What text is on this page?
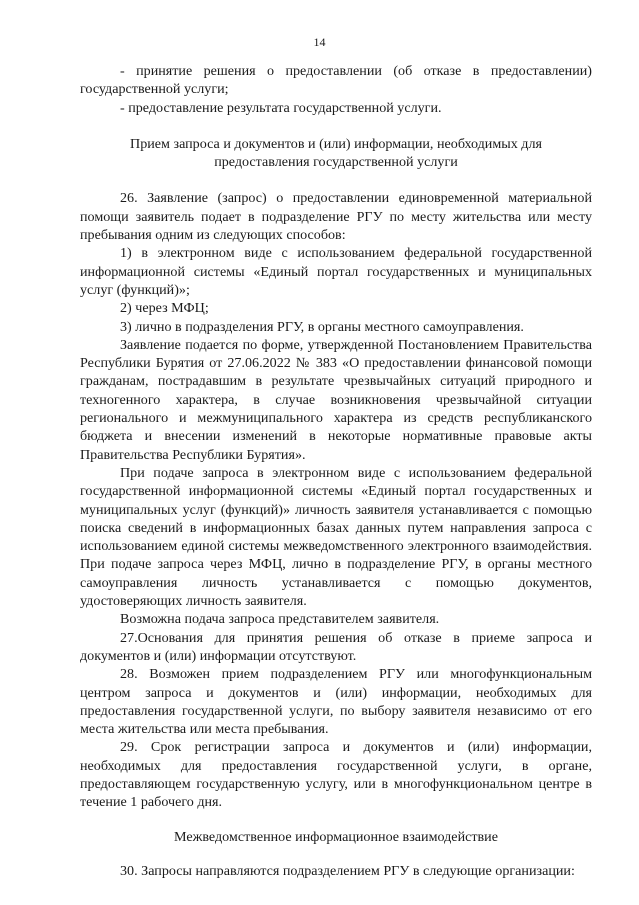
14

- принятие решения о предоставлении (об отказе в предоставлении) государственной услуги;

- предоставление результата государственной услуги.

Прием запроса и документов и (или) информации, необходимых для предоставления государственной услуги

26. Заявление (запрос) о предоставлении единовременной материальной помощи заявитель подает в подразделение РГУ по месту жительства или месту пребывания одним из следующих способов:

1) в электронном виде с использованием федеральной государственной информационной системы «Единый портал государственных и муниципальных услуг (функций)»;

2) через МФЦ;

3) лично в подразделения РГУ, в органы местного самоуправления.

Заявление подается по форме, утвержденной Постановлением Правительства Республики Бурятия от 27.06.2022 № 383 «О предоставлении финансовой помощи гражданам, пострадавшим в результате чрезвычайных ситуаций природного и техногенного характера, в случае возникновения чрезвычайной ситуации регионального и межмуниципального характера из средств республиканского бюджета и внесении изменений в некоторые нормативные правовые акты Правительства Республики Бурятия».

При подаче запроса в электронном виде с использованием федеральной государственной информационной системы «Единый портал государственных и муниципальных услуг (функций)» личность заявителя устанавливается с помощью поиска сведений в информационных базах данных путем направления запроса с использованием единой системы межведомственного электронного взаимодействия. При подаче запроса через МФЦ, лично в подразделение РГУ, в органы местного самоуправления личность устанавливается с помощью документов, удостоверяющих личность заявителя.

Возможна подача запроса представителем заявителя.

27.Основания для принятия решения об отказе в приеме запроса и документов и (или) информации отсутствуют.

28. Возможен прием подразделением РГУ или многофункциональным центром запроса и документов и (или) информации, необходимых для предоставления государственной услуги, по выбору заявителя независимо от его места жительства или места пребывания.

29. Срок регистрации запроса и документов и (или) информации, необходимых для предоставления государственной услуги, в органе, предоставляющем государственную услугу, или в многофункциональном центре в течение 1 рабочего дня.

Межведомственное информационное взаимодействие

30. Запросы направляются подразделением РГУ в следующие организации:
